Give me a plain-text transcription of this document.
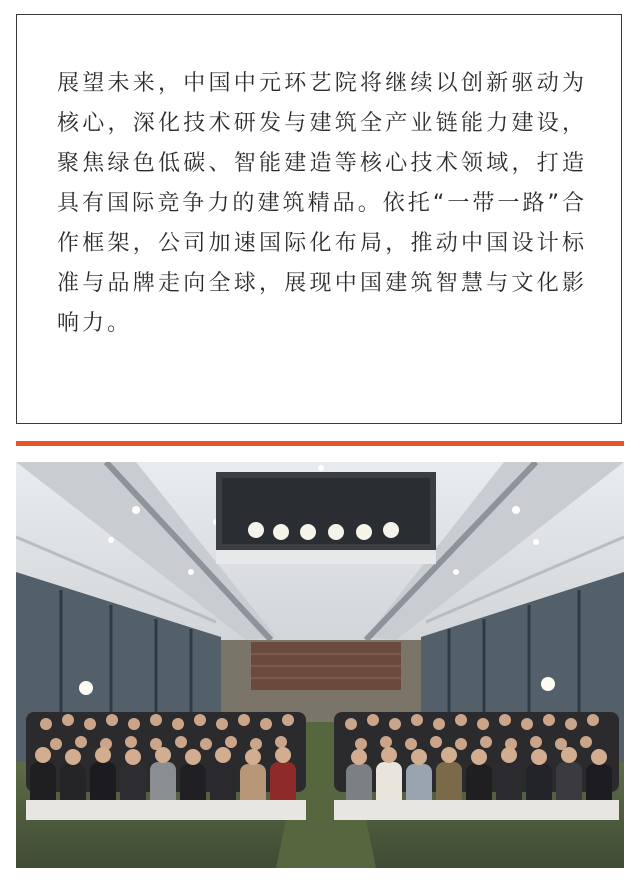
展望未来，中国中元环艺院将继续以创新驱动为核心，深化技术研发与建筑全产业链能力建设，聚焦绿色低碳、智能建造等核心技术领域，打造具有国际竞争力的建筑精品。依托“一带一路”合作框架，公司加速国际化布局，推动中国设计标准与品牌走向全球，展现中国建筑智慧与文化影响力。
